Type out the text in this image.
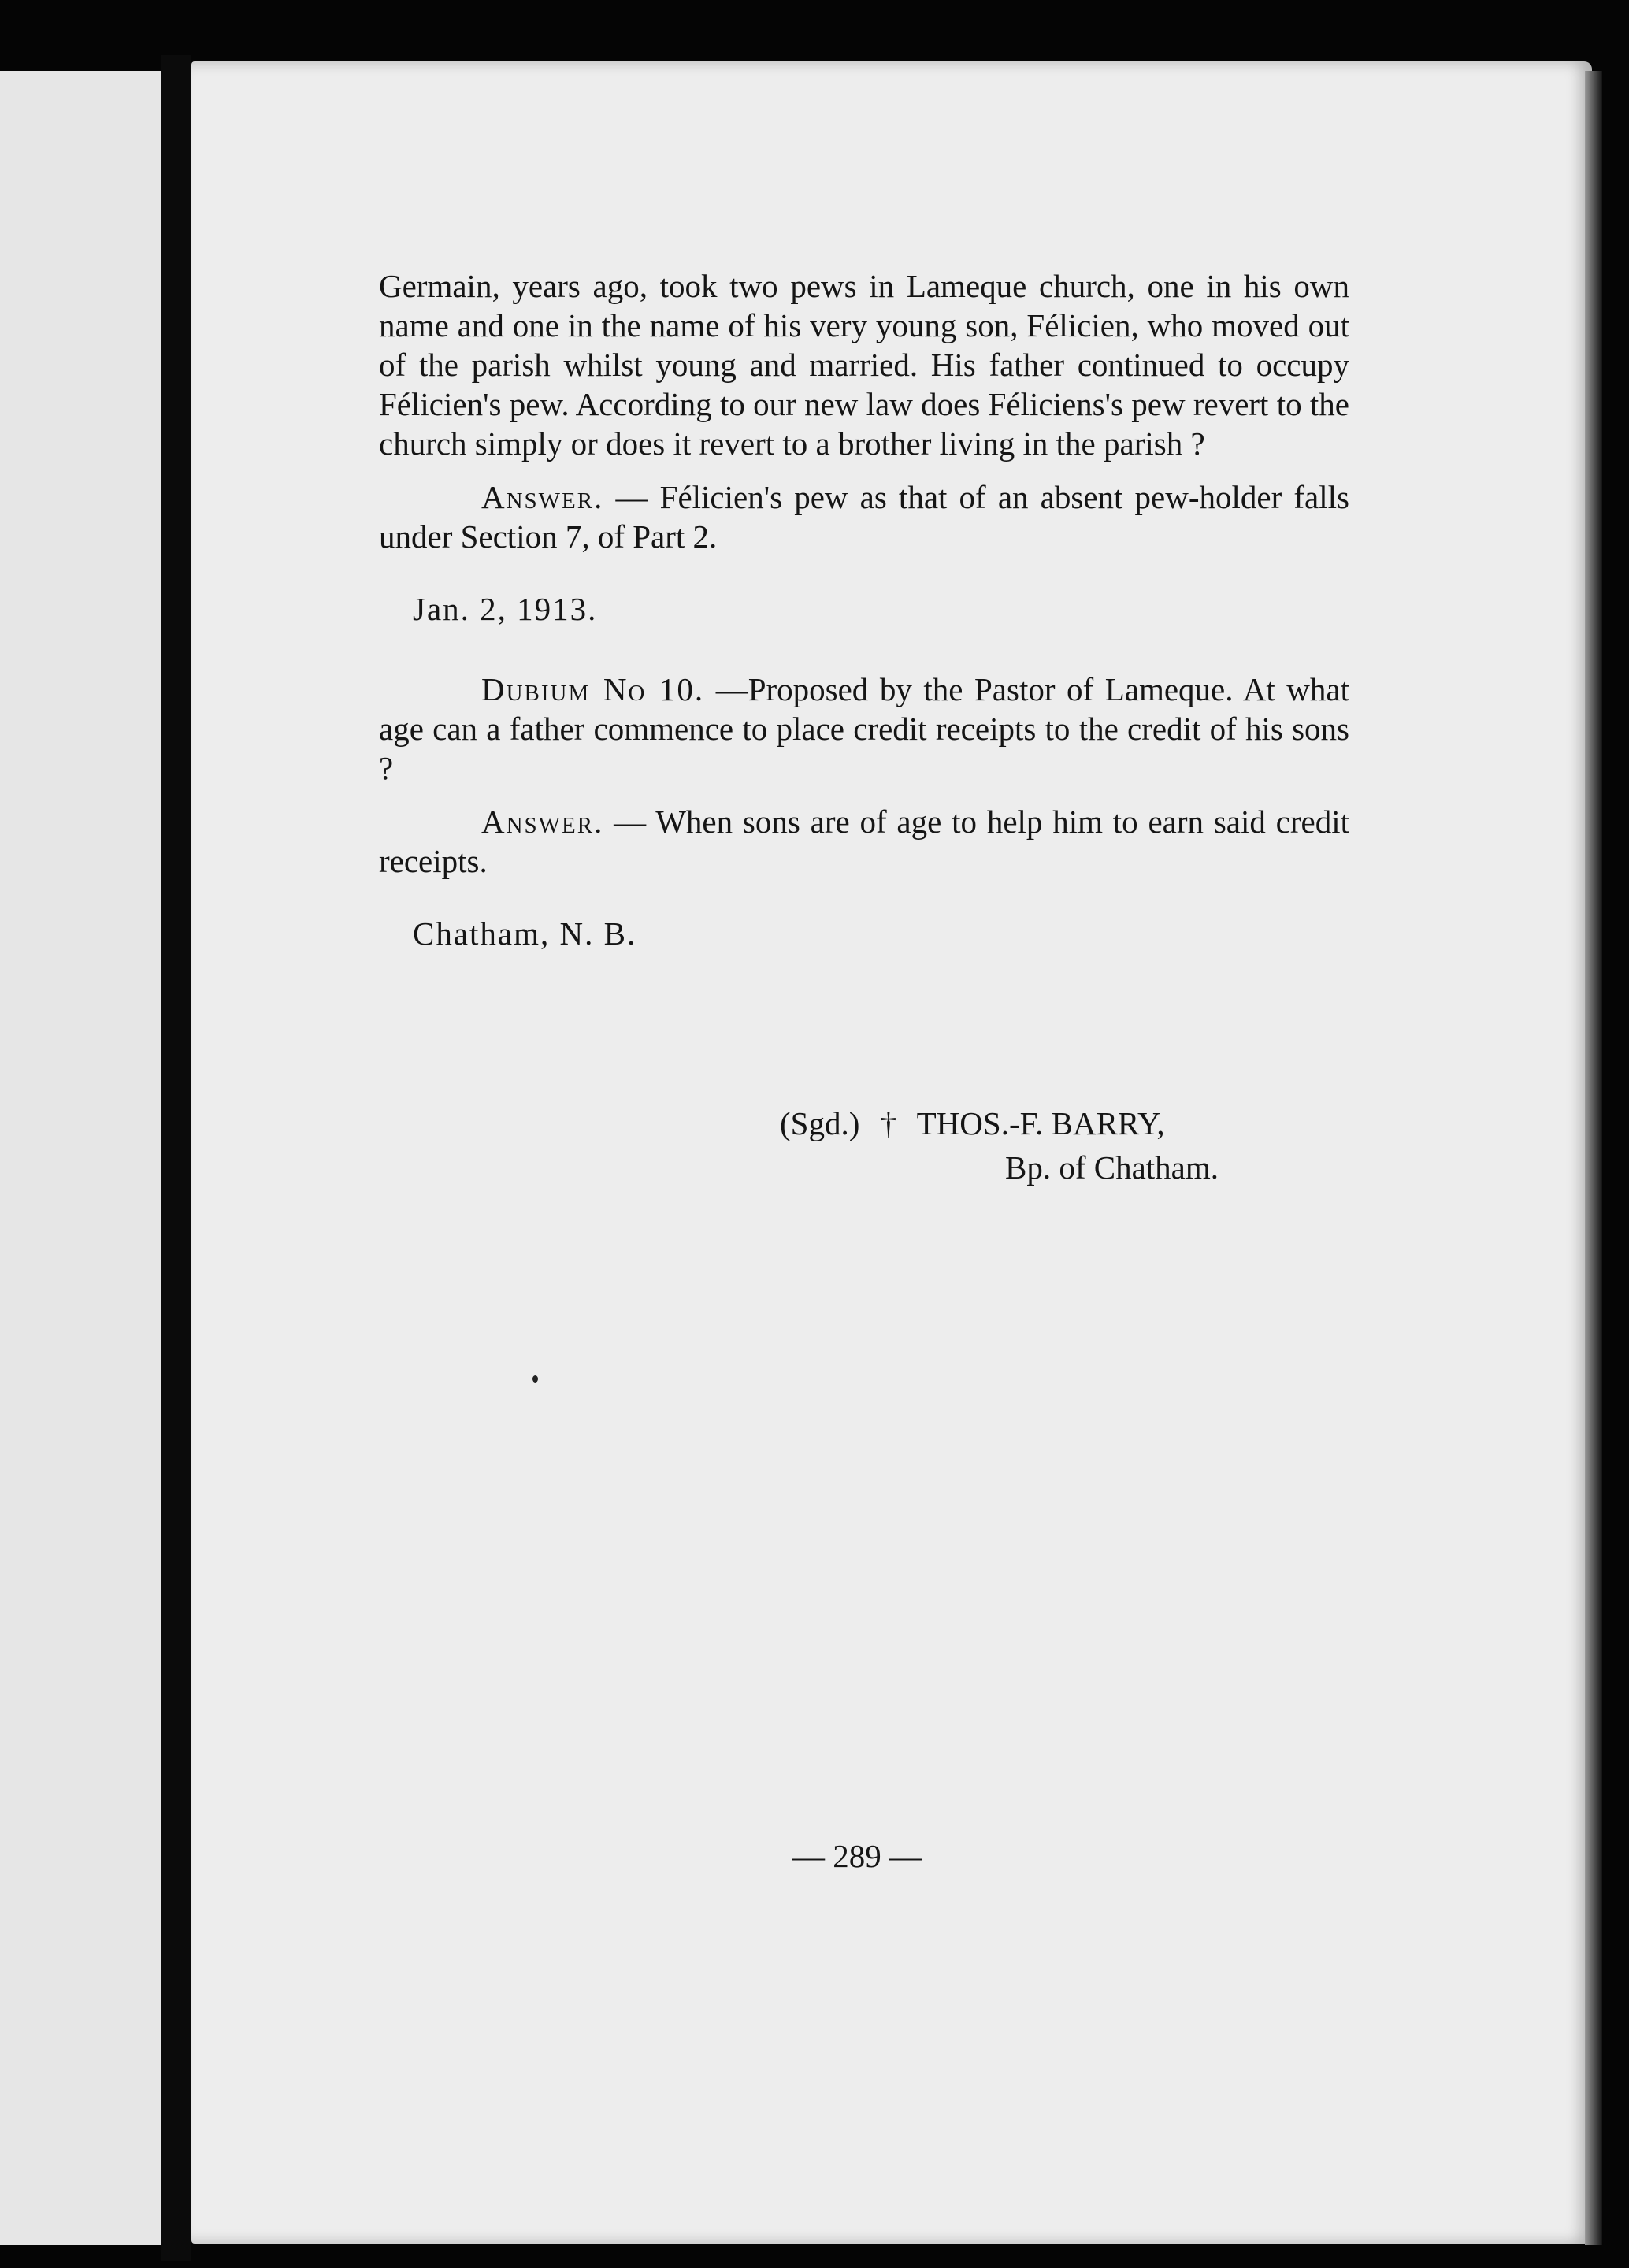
Germain, years ago, took two pews in Lameque church, one in his own name and one in the name of his very young son, Félicien, who moved out of the parish whilst young and married. His father continued to occupy Félicien's pew. According to our new law does Féliciens's pew revert to the church simply or does it revert to a brother living in the parish ?

Answer. — Félicien's pew as that of an absent pew-holder falls under Section 7, of Part 2.

Jan. 2, 1913.

Dubium No 10. —Proposed by the Pastor of Lameque. At what age can a father commence to place credit receipts to the credit of his sons ?

Answer. — When sons are of age to help him to earn said credit receipts.

Chatham, N. B.

(Sgd.) † THOS.-F. BARRY,
Bp. of Chatham.
— 289 —
